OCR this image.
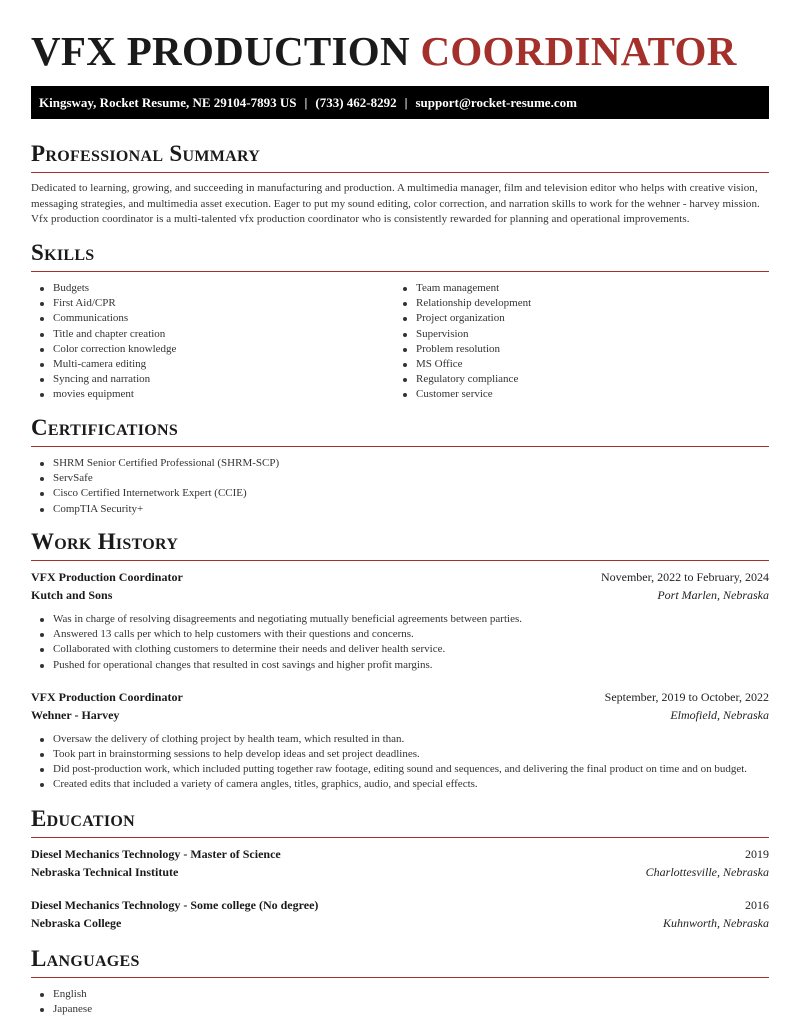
VFX PRODUCTION COORDINATOR
Kingsway, Rocket Resume, NE 29104-7893 US | (733) 462-8292 | support@rocket-resume.com
Professional Summary

Dedicated to learning, growing, and succeeding in manufacturing and production. A multimedia manager, film and television editor who helps with creative vision, messaging strategies, and multimedia asset execution. Eager to put my sound editing, color correction, and narration skills to work for the wehner - harvey mission. Vfx production coordinator is a multi-talented vfx production coordinator who is consistently rewarded for planning and operational improvements.

Skills
Budgets
First Aid/CPR
Communications
Title and chapter creation
Color correction knowledge
Multi-camera editing
Syncing and narration
movies equipment
Team management
Relationship development
Project organization
Supervision
Problem resolution
MS Office
Regulatory compliance
Customer service
Certifications
SHRM Senior Certified Professional (SHRM-SCP)
ServSafe
Cisco Certified Internetwork Expert (CCIE)
CompTIA Security+
Work History
VFX Production Coordinator	November, 2022 to February, 2024
Kutch and Sons	Port Marlen, Nebraska
Was in charge of resolving disagreements and negotiating mutually beneficial agreements between parties.
Answered 13 calls per which to help customers with their questions and concerns.
Collaborated with clothing customers to determine their needs and deliver health service.
Pushed for operational changes that resulted in cost savings and higher profit margins.
VFX Production Coordinator	September, 2019 to October, 2022
Wehner - Harvey	Elmofield, Nebraska
Oversaw the delivery of clothing project by health team, which resulted in than.
Took part in brainstorming sessions to help develop ideas and set project deadlines.
Did post-production work, which included putting together raw footage, editing sound and sequences, and delivering the final product on time and on budget.
Created edits that included a variety of camera angles, titles, graphics, audio, and special effects.
Education
Diesel Mechanics Technology - Master of Science	2019
Nebraska Technical Institute	Charlottesville, Nebraska
Diesel Mechanics Technology - Some college (No degree)	2016
Nebraska College	Kuhnworth, Nebraska
Languages
English
Japanese
